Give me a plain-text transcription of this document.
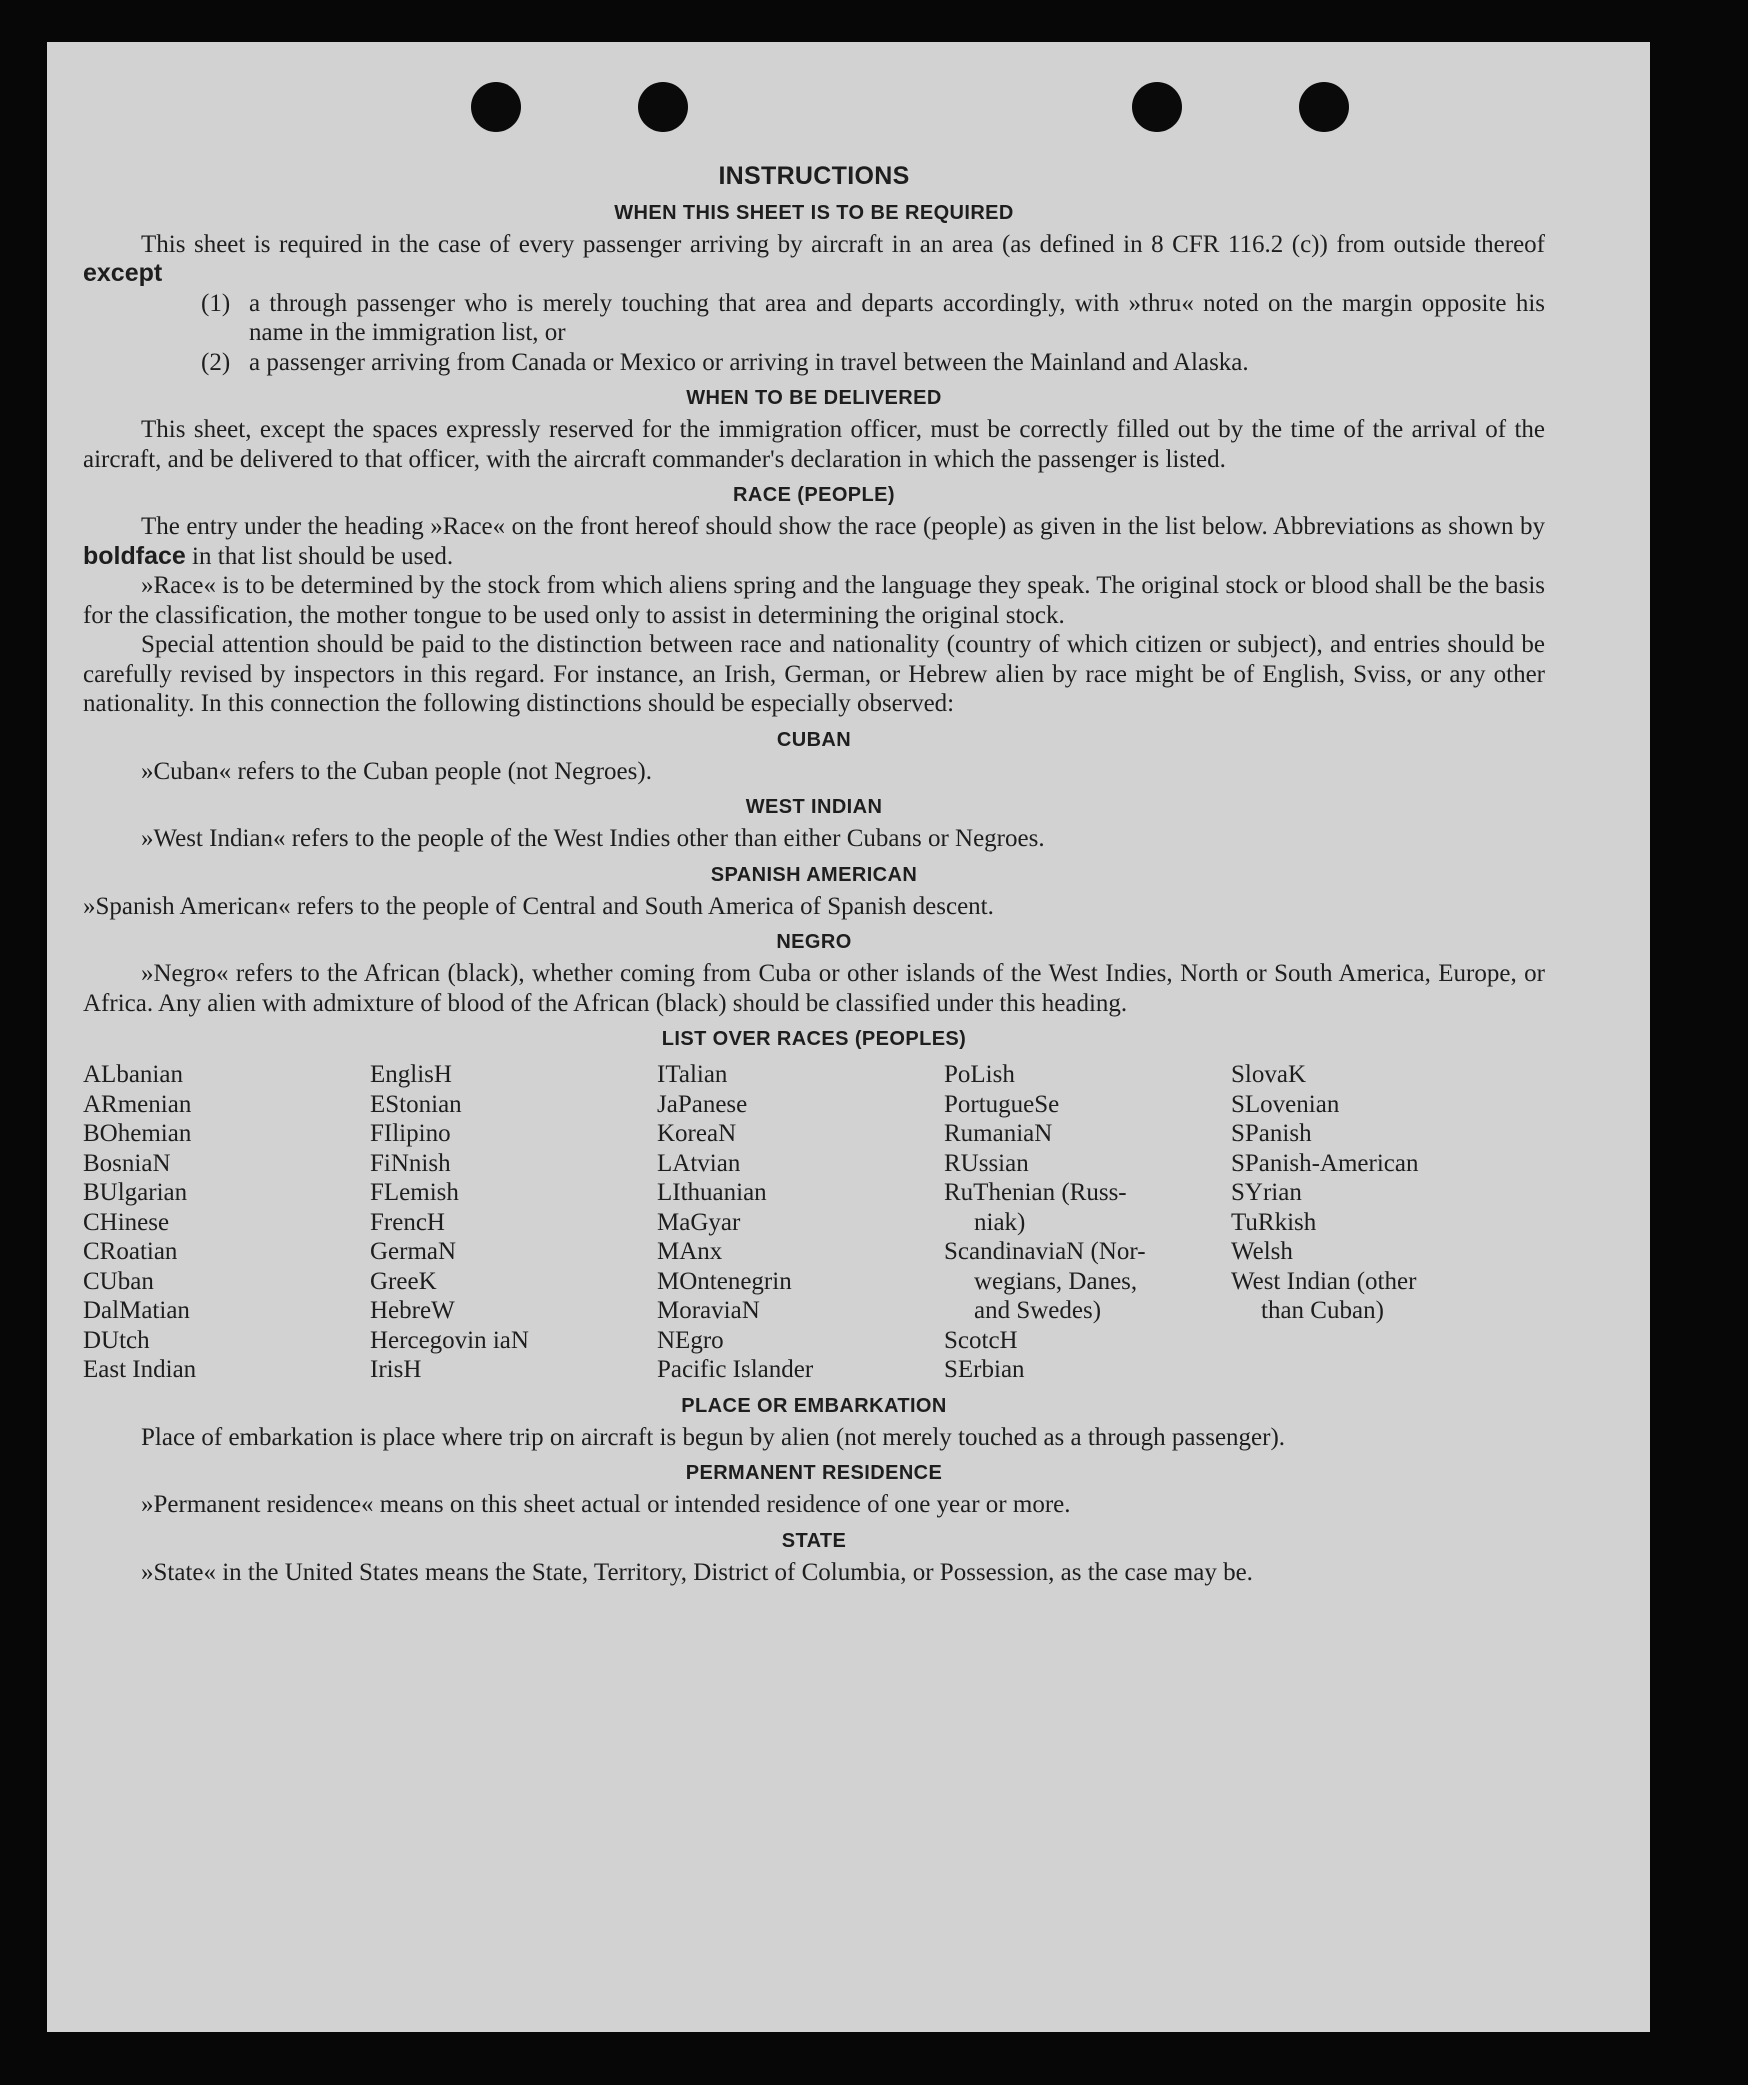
INSTRUCTIONS
WHEN THIS SHEET IS TO BE REQUIRED

This sheet is required in the case of every passenger arriving by aircraft in an area (as defined in 8 CFR 116.2 (c)) from outside thereof except

(1) a through passenger who is merely touching that area and departs accordingly, with »thru« noted on the margin opposite his name in the immigration list, or
(2) a passenger arriving from Canada or Mexico or arriving in travel between the Mainland and Alaska.
WHEN TO BE DELIVERED

This sheet, except the spaces expressly reserved for the immigration officer, must be correctly filled out by the time of the arrival of the aircraft, and be delivered to that officer, with the aircraft commander's declaration in which the passenger is listed.

RACE (PEOPLE)

The entry under the heading »Race« on the front hereof should show the race (people) as given in the list below. Abbreviations as shown by boldface in that list should be used.

»Race« is to be determined by the stock from which aliens spring and the language they speak. The original stock or blood shall be the basis for the classification, the mother tongue to be used only to assist in determining the original stock.

Special attention should be paid to the distinction between race and nationality (country of which citizen or subject), and entries should be carefully revised by inspectors in this regard. For instance, an Irish, German, or Hebrew alien by race might be of English, Sviss, or any other nationality. In this connection the following distinctions should be especially observed:

CUBAN

»Cuban« refers to the Cuban people (not Negroes).

WEST INDIAN

»West Indian« refers to the people of the West Indies other than either Cubans or Negroes.

SPANISH AMERICAN

»Spanish American« refers to the people of Central and South America of Spanish descent.

NEGRO

»Negro« refers to the African (black), whether coming from Cuba or other islands of the West Indies, North or South America, Europe, or Africa. Any alien with admixture of blood of the African (black) should be classified under this heading.

LIST OVER RACES (PEOPLES)
ALbanian
ARmenian
BOhemian
BosniaN
BUlgarian
CHinese
CRoatian
CUban
DalMatian
DUtch
East Indian
EnglisH
EStonian
FIlipino
FiNnish
FLemish
FrencH
GermaN
GreeK
HebreW
Hercegovin iaN
IrisH
ITalian
JaPanese
KoreaN
LAtvian
LIthuanian
MaGyar
MAnx
MOntenegrin
MoraviaN
NEgro
Pacific Islander
PoLish
PortugueSe
RumaniaN
RUssian
RuThenian (Russ-
niak)
ScandinaviaN (Nor-
wegians, Danes,
and Swedes)
ScotcH
SErbian
SlovaK
SLovenian
SPanish
SPanish-American
SYrian
TuRkish
Welsh
West Indian (other
than Cuban)
PLACE OR EMBARKATION

Place of embarkation is place where trip on aircraft is begun by alien (not merely touched as a through passenger).

PERMANENT RESIDENCE

»Permanent residence« means on this sheet actual or intended residence of one year or more.

STATE

»State« in the United States means the State, Territory, District of Columbia, or Possession, as the case may be.
